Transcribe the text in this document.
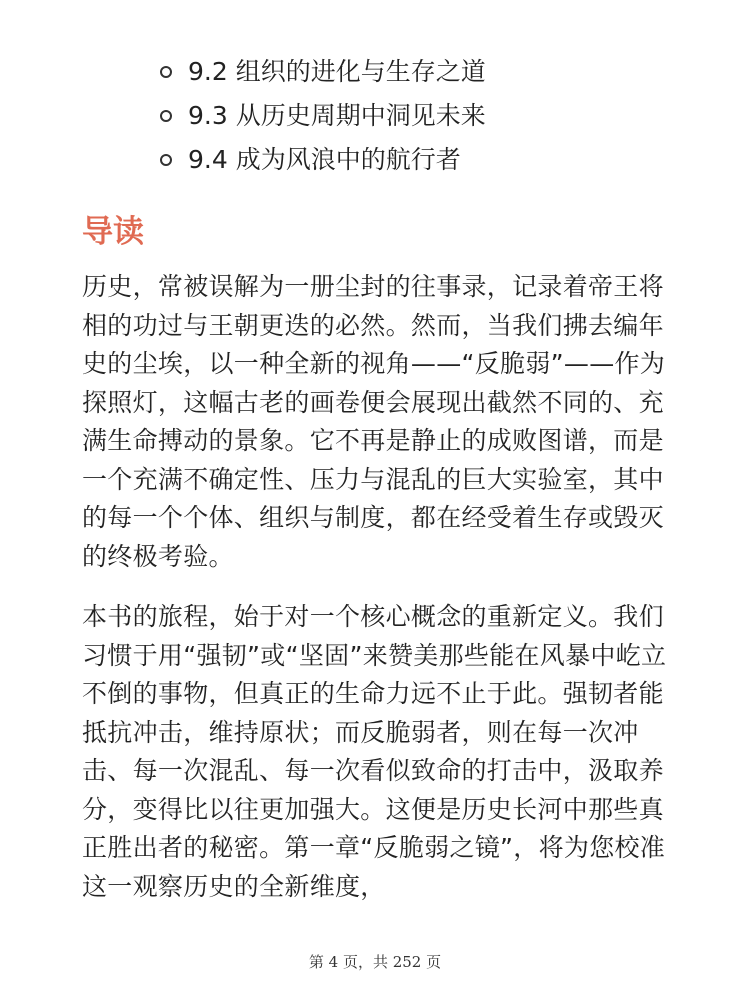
9.2 组织的进化与生存之道
9.3 从历史周期中洞见未来
9.4 成为风浪中的航行者
导读

历史，常被误解为一册尘封的往事录，记录着帝王将相的功过与王朝更迭的必然。然而，当我们拂去编年史的尘埃，以一种全新的视角——“反脆弱”——作为探照灯，这幅古老的画卷便会展现出截然不同的、充满生命搏动的景象。它不再是静止的成败图谱，而是一个充满不确定性、压力与混乱的巨大实验室，其中的每一个个体、组织与制度，都在经受着生存或毁灭的终极考验。

本书的旅程，始于对一个核心概念的重新定义。我们习惯于用“强韧”或“坚固”来赞美那些能在风暴中屹立不倒的事物，但真正的生命力远不止于此。强韧者能抵抗冲击，维持原状；而反脆弱者，则在每一次冲击、每一次混乱、每一次看似致命的打击中，汲取养分，变得比以往更加强大。这便是历史长河中那些真正胜出者的秘密。第一章“反脆弱之镜”，将为您校准这一观察历史的全新维度，

第 4 页，共 252 页
